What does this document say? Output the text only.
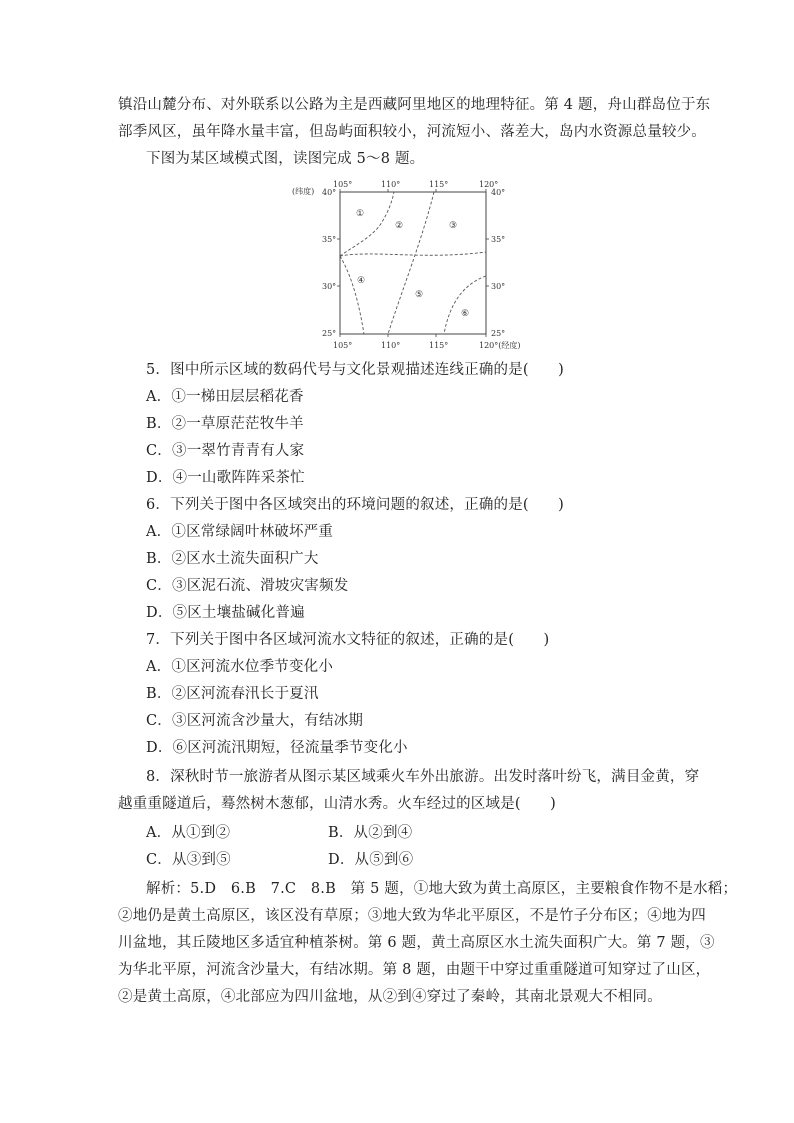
镇沿山麓分布、对外联系以公路为主是西藏阿里地区的地理特征。第 4 题，舟山群岛位于东
部季风区，虽年降水量丰富，但岛屿面积较小，河流短小、落差大，岛内水资源总量较少。
下图为某区域模式图，读图完成 5～8 题。
105°	110°	115°	120°
105°	110°	115°	120°(经度)
(纬度) 40°
35°
30°
25°
40°
35°
30°
25°
①
②	③
④
⑤
⑥
5．图中所示区域的数码代号与文化景观描述连线正确的是(　　)
A．①一梯田层层稻花香
B．②一草原茫茫牧牛羊
C．③一翠竹青青有人家
D．④一山歌阵阵采茶忙
6．下列关于图中各区域突出的环境问题的叙述，正确的是(　　)
A．①区常绿阔叶林破坏严重
B．②区水土流失面积广大
C．③区泥石流、滑坡灾害频发
D．⑤区土壤盐碱化普遍
7．下列关于图中各区域河流水文特征的叙述，正确的是(　　)
A．①区河流水位季节变化小
B．②区河流春汛长于夏汛
C．③区河流含沙量大，有结冰期
D．⑥区河流汛期短，径流量季节变化小
8．深秋时节一旅游者从图示某区域乘火车外出旅游。出发时落叶纷飞，满目金黄，穿
越重重隧道后，蓦然树木葱郁，山清水秀。火车经过的区域是(　　)
A．从①到②	B．从②到④
C．从③到⑤	D．从⑤到⑥
解析：5.D　6.B　7.C　8.B　第 5 题，①地大致为黄土高原区，主要粮食作物不是水稻；
②地仍是黄土高原区，该区没有草原；③地大致为华北平原区，不是竹子分布区；④地为四
川盆地，其丘陵地区多适宜种植茶树。第 6 题，黄土高原区水土流失面积广大。第 7 题，③
为华北平原，河流含沙量大，有结冰期。第 8 题，由题干中穿过重重隧道可知穿过了山区，
②是黄土高原，④北部应为四川盆地，从②到④穿过了秦岭，其南北景观大不相同。
